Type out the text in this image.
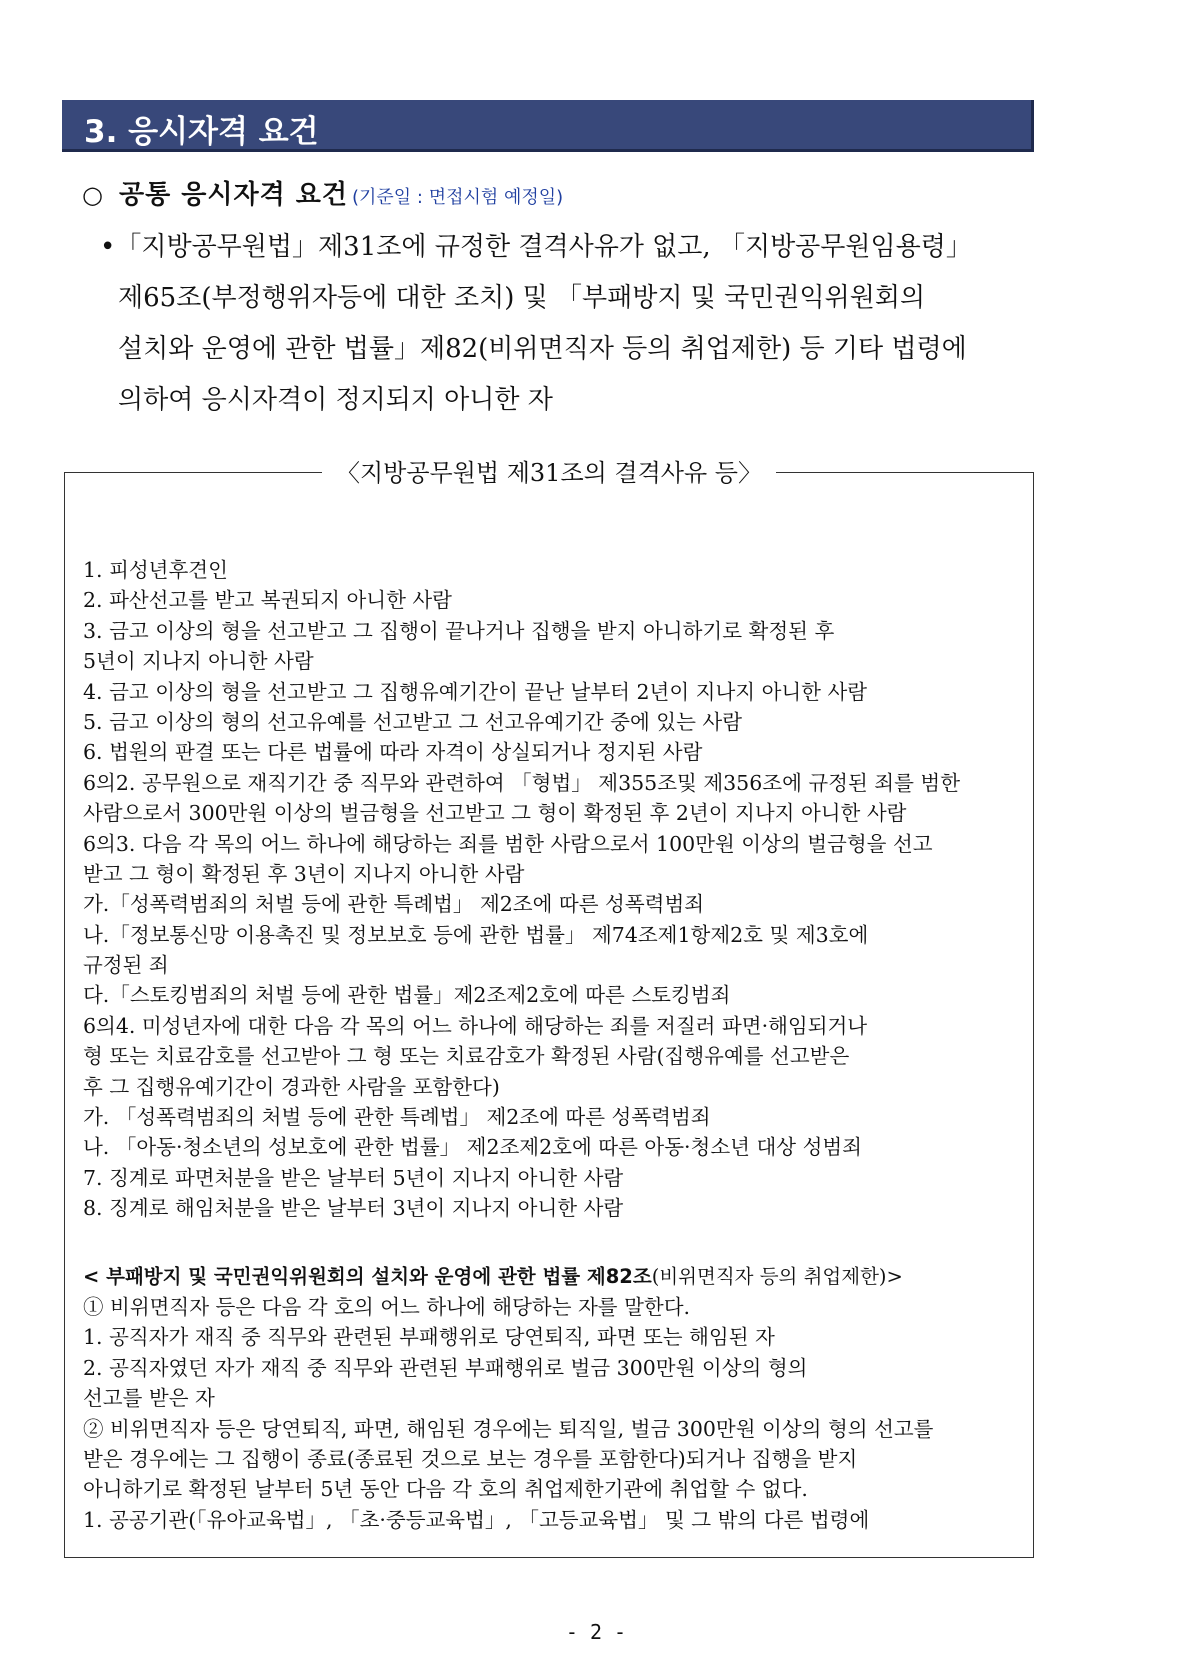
3. 응시자격 요건
○ 공통 응시자격 요건 (기준일 : 면접시험 예정일)
•「지방공무원법」제31조에 규정한 결격사유가 없고, 「지방공무원임용령」
제65조(부정행위자등에 대한 조치) 및 「부패방지 및 국민권익위원회의
설치와 운영에 관한 법률」제82(비위면직자 등의 취업제한) 등 기타 법령에
의하여 응시자격이 정지되지 아니한 자
〈지방공무원법 제31조의 결격사유 등〉
1. 피성년후견인
2. 파산선고를 받고 복권되지 아니한 사람
3. 금고 이상의 형을 선고받고 그 집행이 끝나거나 집행을 받지 아니하기로 확정된 후
5년이 지나지 아니한 사람
4. 금고 이상의 형을 선고받고 그 집행유예기간이 끝난 날부터 2년이 지나지 아니한 사람
5. 금고 이상의 형의 선고유예를 선고받고 그 선고유예기간 중에 있는 사람
6. 법원의 판결 또는 다른 법률에 따라 자격이 상실되거나 정지된 사람
6의2. 공무원으로 재직기간 중 직무와 관련하여 「형법」 제355조및 제356조에 규정된 죄를 범한
사람으로서 300만원 이상의 벌금형을 선고받고 그 형이 확정된 후 2년이 지나지 아니한 사람
6의3. 다음 각 목의 어느 하나에 해당하는 죄를 범한 사람으로서 100만원 이상의 벌금형을 선고
받고 그 형이 확정된 후 3년이 지나지 아니한 사람
가.「성폭력범죄의 처벌 등에 관한 특례법」 제2조에 따른 성폭력범죄
나.「정보통신망 이용촉진 및 정보보호 등에 관한 법률」 제74조제1항제2호 및 제3호에
규정된 죄
다.「스토킹범죄의 처벌 등에 관한 법률」제2조제2호에 따른 스토킹범죄
6의4. 미성년자에 대한 다음 각 목의 어느 하나에 해당하는 죄를 저질러 파면·해임되거나
형 또는 치료감호를 선고받아 그 형 또는 치료감호가 확정된 사람(집행유예를 선고받은
후 그 집행유예기간이 경과한 사람을 포함한다)
가. 「성폭력범죄의 처벌 등에 관한 특례법」 제2조에 따른 성폭력범죄
나. 「아동·청소년의 성보호에 관한 법률」 제2조제2호에 따른 아동·청소년 대상 성범죄
7. 징계로 파면처분을 받은 날부터 5년이 지나지 아니한 사람
8. 징계로 해임처분을 받은 날부터 3년이 지나지 아니한 사람
< 부패방지 및 국민권익위원회의 설치와 운영에 관한 법률 제82조(비위면직자 등의 취업제한)>
① 비위면직자 등은 다음 각 호의 어느 하나에 해당하는 자를 말한다.
1. 공직자가 재직 중 직무와 관련된 부패행위로 당연퇴직, 파면 또는 해임된 자
2. 공직자였던 자가 재직 중 직무와 관련된 부패행위로 벌금 300만원 이상의 형의
선고를 받은 자
② 비위면직자 등은 당연퇴직, 파면, 해임된 경우에는 퇴직일, 벌금 300만원 이상의 형의 선고를
받은 경우에는 그 집행이 종료(종료된 것으로 보는 경우를 포함한다)되거나 집행을 받지
아니하기로 확정된 날부터 5년 동안 다음 각 호의 취업제한기관에 취업할 수 없다.
1. 공공기관(「유아교육법」, 「초·중등교육법」, 「고등교육법」 및 그 밖의 다른 법령에
- 2 -
